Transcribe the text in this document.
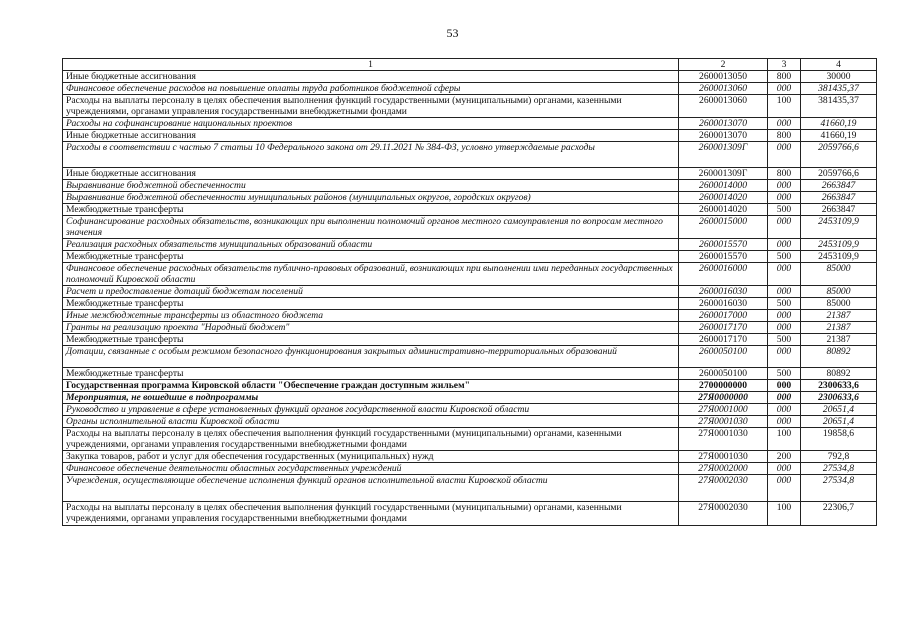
53
1	2	3	4
Иные бюджетные ассигнования	2600013050	800	30000
Финансовое обеспечение расходов на повышение оплаты труда работников бюджетной сферы	2600013060	000	381435,37
Расходы на выплаты персоналу в целях обеспечения выполнения функций государственными (муниципальными) органами, казенными учреждениями, органами управления государственными внебюджетными фондами	2600013060	100	381435,37
Расходы на софинансирование национальных проектов	2600013070	000	41660,19
Иные бюджетные ассигнования	2600013070	800	41660,19
Расходы в соответствии с частью 7 статьи 10 Федерального закона от 29.11.2021 № 384-ФЗ, условно утверждаемые расходы	260001309Г	000	2059766,6
Иные бюджетные ассигнования	260001309Г	800	2059766,6
Выравнивание бюджетной обеспеченности	2600014000	000	2663847
Выравнивание бюджетной обеспеченности муниципальных районов (муниципальных округов, городских округов)	2600014020	000	2663847
Межбюджетные трансферты	2600014020	500	2663847
Софинансирование расходных обязательств, возникающих при выполнении полномочий органов местного самоуправления по вопросам местного значения	2600015000	000	2453109,9
Реализация расходных обязательств муниципальных образований области	2600015570	000	2453109,9
Межбюджетные трансферты	2600015570	500	2453109,9
Финансовое обеспечение расходных обязательств публично-правовых образований, возникающих при выполнении ими переданных государственных полномочий Кировской области	2600016000	000	85000
Расчет и предоставление дотаций бюджетам поселений	2600016030	000	85000
Межбюджетные трансферты	2600016030	500	85000
Иные межбюджетные трансферты из областного бюджета	2600017000	000	21387
Гранты на реализацию проекта "Народный бюджет"	2600017170	000	21387
Межбюджетные трансферты	2600017170	500	21387
Дотации, связанные с особым режимом безопасного функционирования закрытых административно-территориальных образований	2600050100	000	80892
Межбюджетные трансферты	2600050100	500	80892
Государственная программа Кировской области "Обеспечение граждан доступным жильем"	2700000000	000	2300633,6
Мероприятия, не вошедшие в подпрограммы	27Я0000000	000	2300633,6
Руководство и управление в сфере установленных функций органов государственной власти Кировской области	27Я0001000	000	20651,4
Органы исполнительной власти Кировской области	27Я0001030	000	20651,4
Расходы на выплаты персоналу в целях обеспечения выполнения функций государственными (муниципальными) органами, казенными учреждениями, органами управления государственными внебюджетными фондами	27Я0001030	100	19858,6
Закупка товаров, работ и услуг для обеспечения государственных (муниципальных) нужд	27Я0001030	200	792,8
Финансовое обеспечение деятельности областных государственных учреждений	27Я0002000	000	27534,8
Учреждения, осуществляющие обеспечение исполнения функций органов исполнительной власти Кировской области	27Я0002030	000	27534,8
Расходы на выплаты персоналу в целях обеспечения выполнения функций государственными (муниципальными) органами, казенными учреждениями, органами управления государственными внебюджетными фондами	27Я0002030	100	22306,7
